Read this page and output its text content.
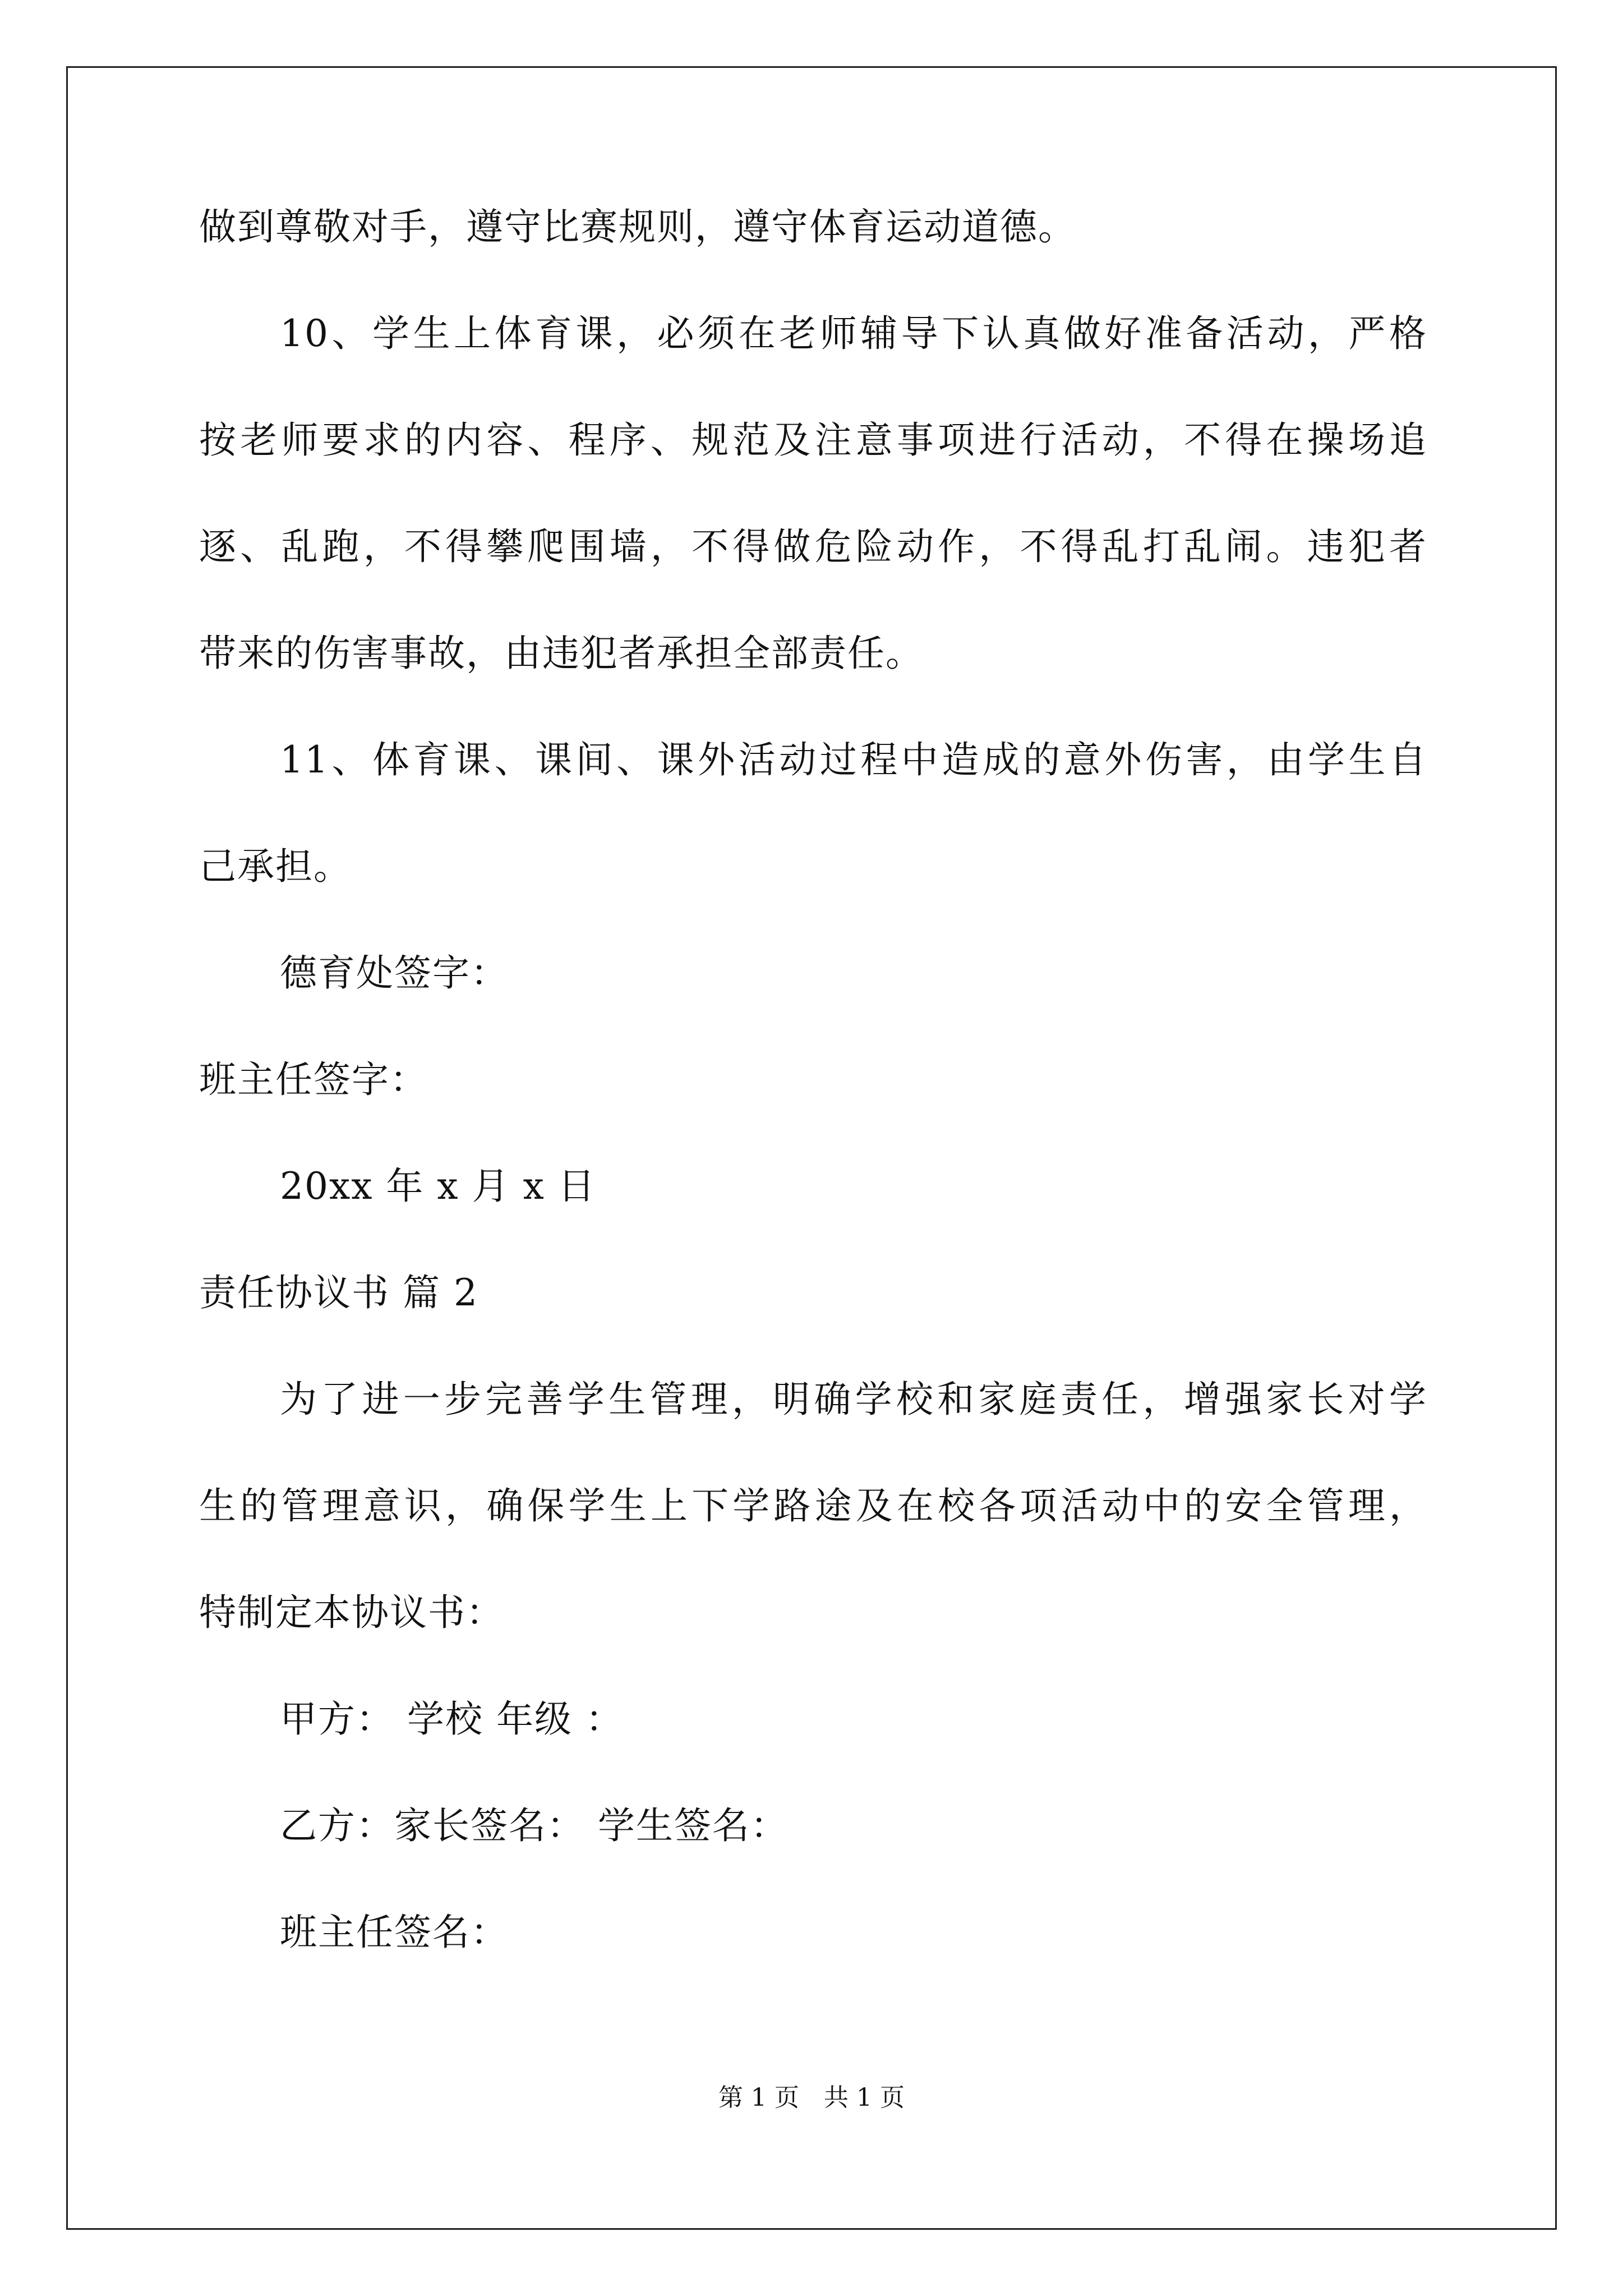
做到尊敬对手，遵守比赛规则，遵守体育运动道德。
10、学生上体育课，必须在老师辅导下认真做好准备活动，严格
按老师要求的内容、程序、规范及注意事项进行活动，不得在操场追
逐、乱跑，不得攀爬围墙，不得做危险动作，不得乱打乱闹。违犯者
带来的伤害事故，由违犯者承担全部责任。
11、体育课、课间、课外活动过程中造成的意外伤害，由学生自
己承担。
德育处签字：
班主任签字：
20xx 年 x 月 x 日
责任协议书 篇 2
为了进一步完善学生管理，明确学校和家庭责任，增强家长对学
生的管理意识，确保学生上下学路途及在校各项活动中的安全管理，
特制定本协议书：
甲方： 学校 年级 ：
乙方：家长签名： 学生签名：
班主任签名：
第 1 页　共 1 页
